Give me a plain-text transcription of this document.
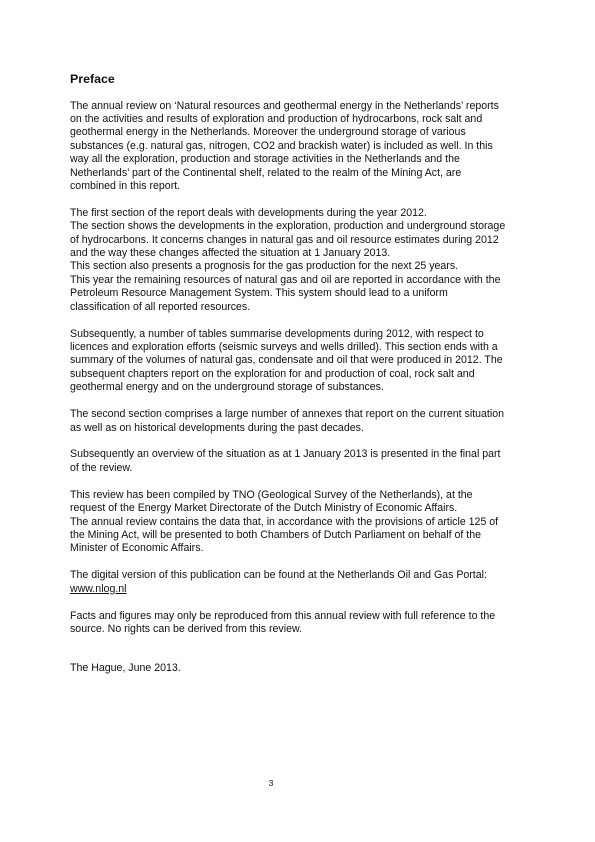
Preface
The annual review on ‘Natural resources and geothermal energy in the Netherlands’ reports
on the activities and results of exploration and production of hydrocarbons, rock salt and
geothermal energy in the Netherlands. Moreover the underground storage of various
substances (e.g. natural gas, nitrogen, CO2 and brackish water) is included as well. In this
way all the exploration, production and storage activities in the Netherlands and the
Netherlands’ part of the Continental shelf, related to the realm of the Mining Act, are
combined in this report.
The first section of the report deals with developments during the year 2012.
The section shows the developments in the exploration, production and underground storage
of hydrocarbons. It concerns changes in natural gas and oil resource estimates during 2012
and the way these changes affected the situation at 1 January 2013.
This section also presents a prognosis for the gas production for the next 25 years.
This year the remaining resources of natural gas and oil are reported in accordance with the
Petroleum Resource Management System. This system should lead to a uniform
classification of all reported resources.
Subsequently, a number of tables summarise developments during 2012, with respect to
licences and exploration efforts (seismic surveys and wells drilled). This section ends with a
summary of the volumes of natural gas, condensate and oil that were produced in 2012. The
subsequent chapters report on the exploration for and production of coal, rock salt and
geothermal energy and on the underground storage of substances.
The second section comprises a large number of annexes that report on the current situation
as well as on historical developments during the past decades.
Subsequently an overview of the situation as at 1 January 2013 is presented in the final part
of the review.
This review has been compiled by TNO (Geological Survey of the Netherlands), at the
request of the Energy Market Directorate of the Dutch Ministry of Economic Affairs.
The annual review contains the data that, in accordance with the provisions of article 125 of
the Mining Act, will be presented to both Chambers of Dutch Parliament on behalf of the
Minister of Economic Affairs.
The digital version of this publication can be found at the Netherlands Oil and Gas Portal:
www.nlog.nl
Facts and figures may only be reproduced from this annual review with full reference to the
source. No rights can be derived from this review.
The Hague, June 2013.
3
